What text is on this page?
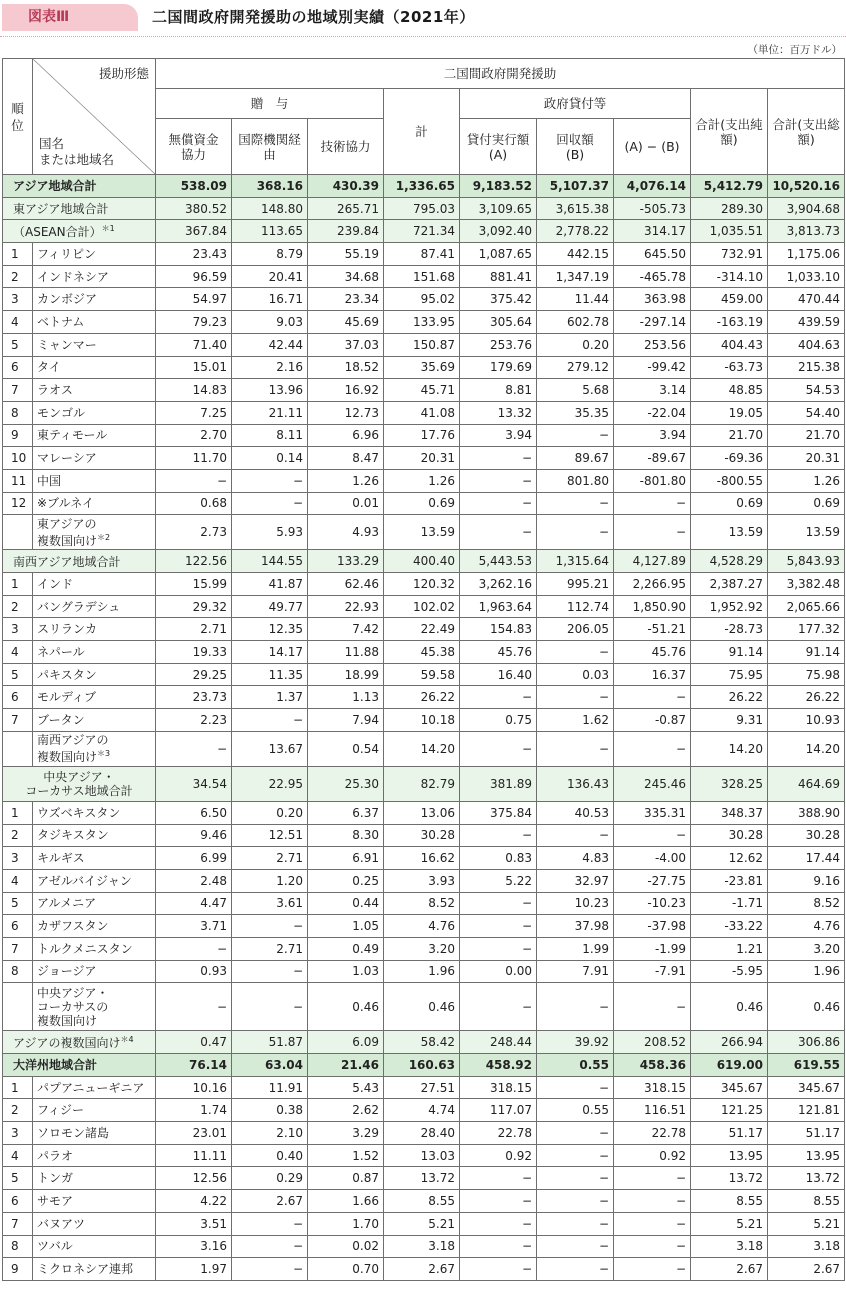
図表Ⅲ	二国間政府開発援助の地域別実績（2021年）
（単位：百万ドル）
順位	援助形態
国名
または地域名	二国間政府開発援助								
		贈　与			計	政府貸付等			合計(支出純額)	合計(支出総額)

		無償資金協力	国際機関経由	技術協力		貸付実行額(A)	回収額(B)	(A) − (B)		
アジア地域合計		538.09	368.16	430.39	1,336.65	9,183.52	5,107.37	4,076.14	5,412.79	10,520.16
東アジア地域合計		380.52	148.80	265.71	795.03	3,109.65	3,615.38	-505.73	289.30	3,904.68
（ASEAN合計）$^{*1}$		367.84	113.65	239.84	721.34	3,092.40	2,778.22	314.17	1,035.51	3,813.73
1	フィリピン	23.43	8.79	55.19	87.41	1,087.65	442.15	645.50	732.91	1,175.06
2	インドネシア	96.59	20.41	34.68	151.68	881.41	1,347.19	-465.78	-314.10	1,033.10
3	カンボジア	54.97	16.71	23.34	95.02	375.42	11.44	363.98	459.00	470.44
4	ベトナム	79.23	9.03	45.69	133.95	305.64	602.78	-297.14	-163.19	439.59
5	ミャンマー	71.40	42.44	37.03	150.87	253.76	0.20	253.56	404.43	404.63
6	タイ	15.01	2.16	18.52	35.69	179.69	279.12	-99.42	-63.73	215.38
7	ラオス	14.83	13.96	16.92	45.71	8.81	5.68	3.14	48.85	54.53
8	モンゴル	7.25	21.11	12.73	41.08	13.32	35.35	-22.04	19.05	54.40
9	東ティモール	2.70	8.11	6.96	17.76	3.94	−	3.94	21.70	21.70
10	マレーシア	11.70	0.14	8.47	20.31	−	89.67	-89.67	-69.36	20.31
11	中国	−	−	1.26	1.26	−	801.80	-801.80	-800.55	1.26
12	※ブルネイ	0.68	−	0.01	0.69	−	−	−	0.69	0.69
	東アジアの
複数国向け$^{*2}$	2.73	5.93	4.93	13.59	−	−	−	13.59	13.59
南西アジア地域合計		122.56	144.55	133.29	400.40	5,443.53	1,315.64	4,127.89	4,528.29	5,843.93
1	インド	15.99	41.87	62.46	120.32	3,262.16	995.21	2,266.95	2,387.27	3,382.48
2	バングラデシュ	29.32	49.77	22.93	102.02	1,963.64	112.74	1,850.90	1,952.92	2,065.66
3	スリランカ	2.71	12.35	7.42	22.49	154.83	206.05	-51.21	-28.73	177.32
4	ネパール	19.33	14.17	11.88	45.38	45.76	−	45.76	91.14	91.14
5	パキスタン	29.25	11.35	18.99	59.58	16.40	0.03	16.37	75.95	75.98
6	モルディブ	23.73	1.37	1.13	26.22	−	−	−	26.22	26.22
7	ブータン	2.23	−	7.94	10.18	0.75	1.62	-0.87	9.31	10.93
	南西アジアの
複数国向け$^{*3}$	−	13.67	0.54	14.20	−	−	−	14.20	14.20
中央アジア・
コーカサス地域合計		34.54	22.95	25.30	82.79	381.89	136.43	245.46	328.25	464.69
1	ウズベキスタン	6.50	0.20	6.37	13.06	375.84	40.53	335.31	348.37	388.90
2	タジキスタン	9.46	12.51	8.30	30.28	−	−	−	30.28	30.28
3	キルギス	6.99	2.71	6.91	16.62	0.83	4.83	-4.00	12.62	17.44
4	アゼルバイジャン	2.48	1.20	0.25	3.93	5.22	32.97	-27.75	-23.81	9.16
5	アルメニア	4.47	3.61	0.44	8.52	−	10.23	-10.23	-1.71	8.52
6	カザフスタン	3.71	−	1.05	4.76	−	37.98	-37.98	-33.22	4.76
7	トルクメニスタン	−	2.71	0.49	3.20	−	1.99	-1.99	1.21	3.20
8	ジョージア	0.93	−	1.03	1.96	0.00	7.91	-7.91	-5.95	1.96
	中央アジア・
コーカサスの
複数国向け	−	−	0.46	0.46	−	−	−	0.46	0.46
アジアの複数国向け$^{*4}$		0.47	51.87	6.09	58.42	248.44	39.92	208.52	266.94	306.86
大洋州地域合計		76.14	63.04	21.46	160.63	458.92	0.55	458.36	619.00	619.55
1	パプアニューギニア	10.16	11.91	5.43	27.51	318.15	−	318.15	345.67	345.67
2	フィジー	1.74	0.38	2.62	4.74	117.07	0.55	116.51	121.25	121.81
3	ソロモン諸島	23.01	2.10	3.29	28.40	22.78	−	22.78	51.17	51.17
4	パラオ	11.11	0.40	1.52	13.03	0.92	−	0.92	13.95	13.95
5	トンガ	12.56	0.29	0.87	13.72	−	−	−	13.72	13.72
6	サモア	4.22	2.67	1.66	8.55	−	−	−	8.55	8.55
7	バヌアツ	3.51	−	1.70	5.21	−	−	−	5.21	5.21
8	ツバル	3.16	−	0.02	3.18	−	−	−	3.18	3.18
9	ミクロネシア連邦	1.97	−	0.70	2.67	−	−	−	2.67	2.67
